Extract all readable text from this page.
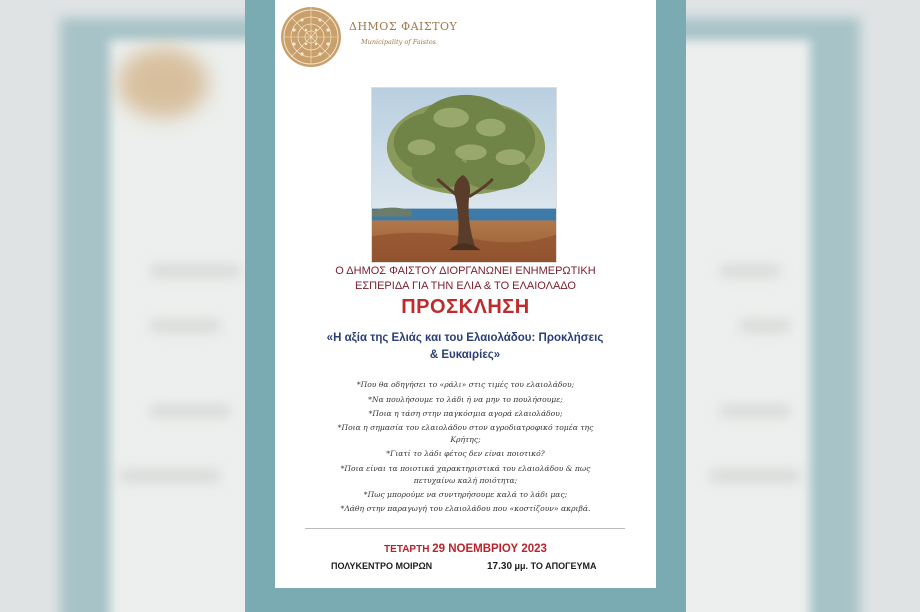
ΔΗΜΟΣ ΦΑΙΣΤΟΥ
Municipality of Faistos
Ο ΔΗΜΟΣ ΦΑΙΣΤΟΥ ΔΙΟΡΓΑΝΩΝΕΙ ΕΝΗΜΕΡΩΤΙΚΗ
ΕΣΠΕΡΙΔΑ ΓΙΑ ΤΗΝ ΕΛΙΑ & ΤΟ ΕΛΑΙΟΛΑΔΟ
ΠΡΟΣΚΛΗΣΗ
«Η αξία της Ελιάς και του Ελαιολάδου: Προκλήσεις
& Ευκαιρίες»
*Που θα οδηγήσει το «ράλι» στις τιμές του ελαιολάδου;
*Να πουλήσουμε το λάδι ή να μην το πουλήσουμε;
*Ποια η τάση στην παγκόσμια αγορά ελαιολάδου;
*Ποια η σημασία του ελαιολάδου στον αγροδιατροφικό τομέα της
Κρήτης;
*Γιατί το λάδι φέτος δεν είναι ποιοτικό?
*Ποια είναι τα ποιοτικά χαρακτηριστικά του ελαιολάδου & πως
πετυχαίνω καλή ποιότητα;
*Πως μπορούμε να συντηρήσουμε καλά το λάδι μας;
*Λάθη στην παραγωγή του ελαιολάδου που «κοστίζουν» ακριβά.
ΤΕΤΑΡΤΗ 29 ΝΟΕΜΒΡΙΟΥ 2023
ΠΟΛΥΚΕΝΤΡΟ ΜΟΙΡΩΝ	17.30 μμ. ΤΟ ΑΠΟΓΕΥΜΑ
